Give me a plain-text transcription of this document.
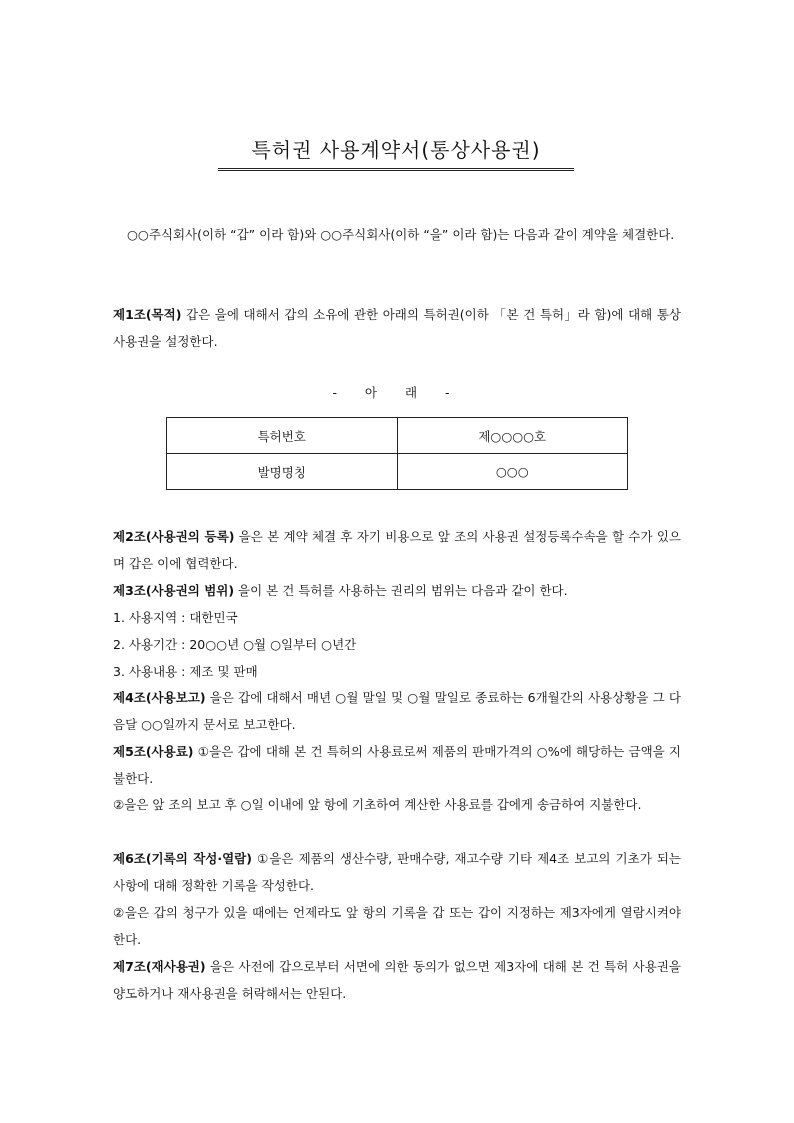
특허권 사용계약서(통상사용권)
○○주식회사(이하 “갑” 이라 함)와 ○○주식회사(이하 “을” 이라 함)는 다음과 같이 계약을 체결한다.
제1조(목적) 갑은 을에 대해서 갑의 소유에 관한 아래의 특허권(이하 「본 건 특허」라 함)에 대해 통상사용권을 설정한다.
- 아 래 -
특허번호	제○○○○호
발명명칭	○○○
제2조(사용권의 등록) 을은 본 계약 체결 후 자기 비용으로 앞 조의 사용권 설정등록수속을 할 수가 있으며 갑은 이에 협력한다.
제3조(사용권의 범위) 을이 본 건 특허를 사용하는 권리의 범위는 다음과 같이 한다.
1. 사용지역 : 대한민국
2. 사용기간 : 20○○년 ○월 ○일부터 ○년간
3. 사용내용 : 제조 및 판매
제4조(사용보고) 을은 갑에 대해서 매년 ○월 말일 및 ○월 말일로 종료하는 6개월간의 사용상황을 그 다음달 ○○일까지 문서로 보고한다.
제5조(사용료) ①을은 갑에 대해 본 건 특허의 사용료로써 제품의 판매가격의 ○%에 해당하는 금액을 지불한다.
②을은 앞 조의 보고 후 ○일 이내에 앞 항에 기초하여 계산한 사용료를 갑에게 송금하여 지불한다.
제6조(기록의 작성·열람) ①을은 제품의 생산수량, 판매수량, 재고수량 기타 제4조 보고의 기초가 되는 사항에 대해 정확한 기록을 작성한다.
②을은 갑의 청구가 있을 때에는 언제라도 앞 항의 기록을 갑 또는 갑이 지정하는 제3자에게 열람시켜야 한다.
제7조(재사용권) 을은 사전에 갑으로부터 서면에 의한 동의가 없으면 제3자에 대해 본 건 특허 사용권을 양도하거나 재사용권을 허락해서는 안된다.
